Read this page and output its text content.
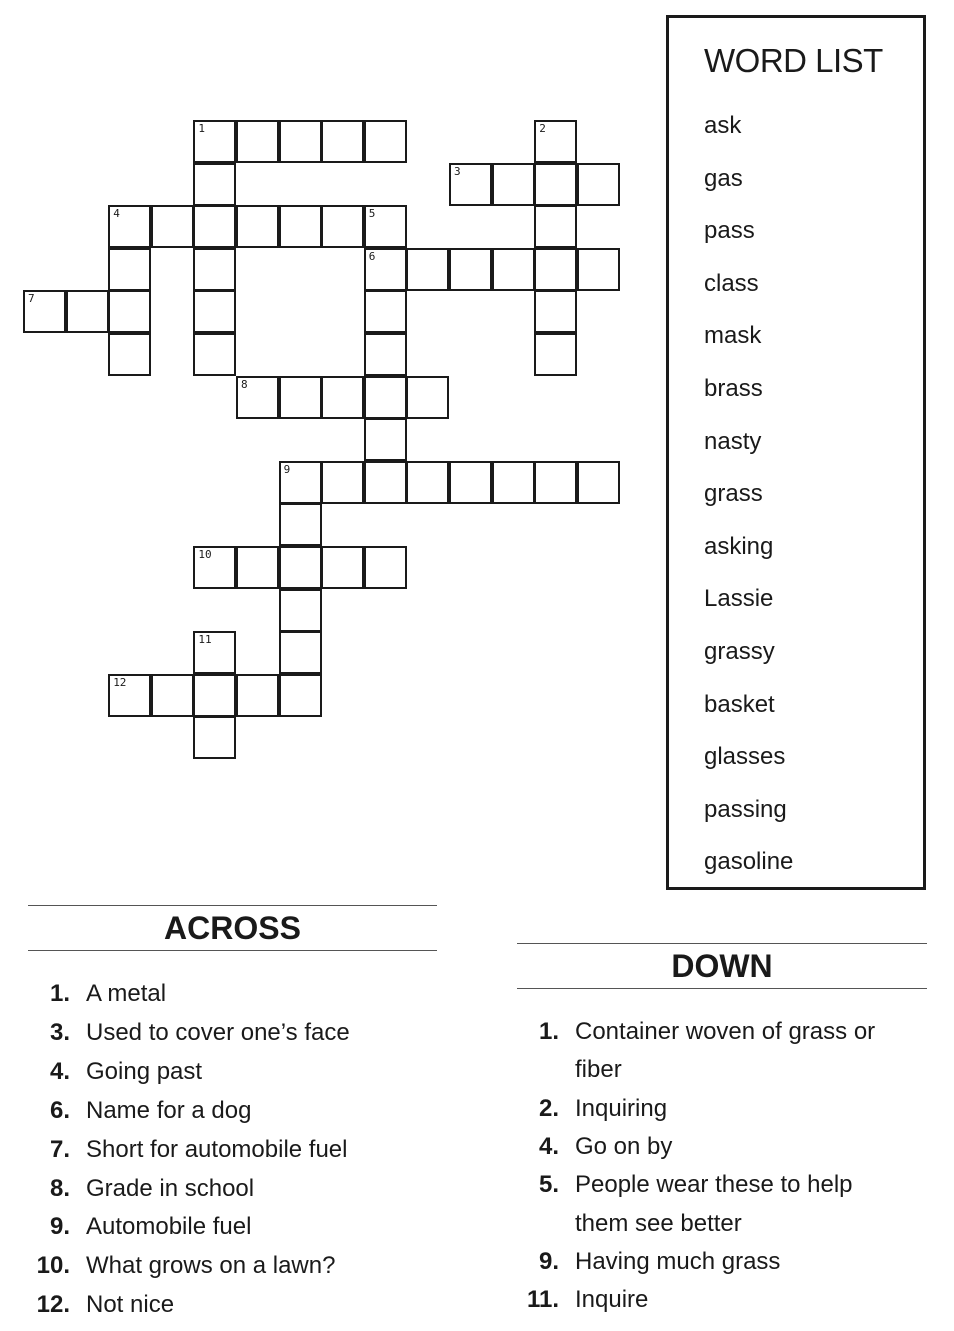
1	2
3
4	5
6
7
8
9
10
11
12
WORD LIST
ask
gas
pass
class
mask
brass
nasty
grass
asking
Lassie
grassy
basket
glasses
passing
gasoline
ACROSS
1. A metal
3. Used to cover one’s face
4. Going past
6. Name for a dog
7. Short for automobile fuel
8. Grade in school
9. Automobile fuel
10. What grows on a lawn?
12. Not nice
DOWN
1. Container woven of grass or
fiber
2. Inquiring
4. Go on by
5. People wear these to help
them see better
9. Having much grass
11. Inquire
